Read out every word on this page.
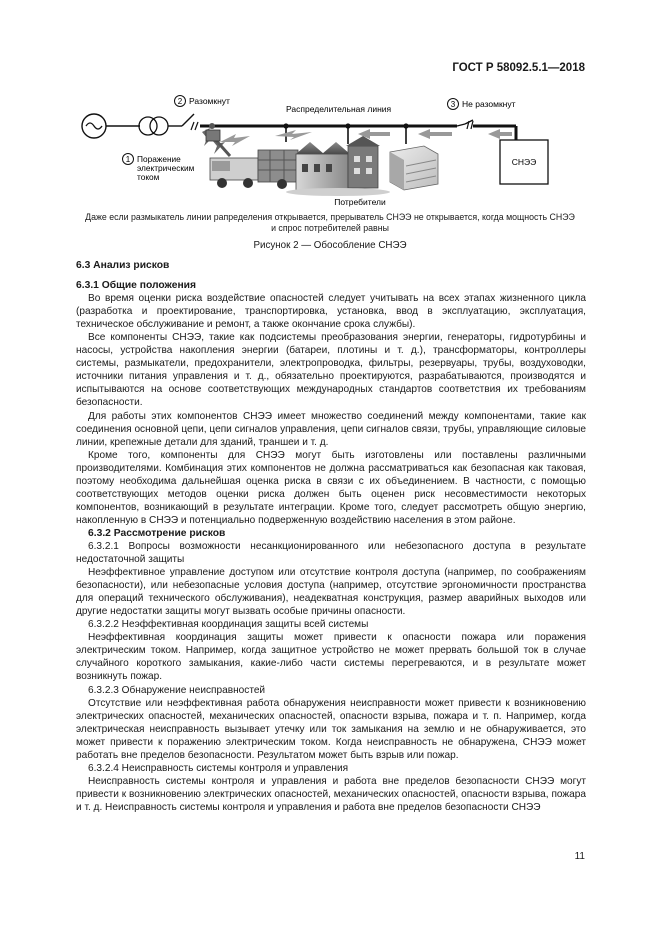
ГОСТ Р 58092.5.1—2018
СНЭЭ
2 Разомкнут
Распределительная линия	3 Не разомкнут
1 Поражение
электрическим
током
Потребители
Даже если размыкатель линии рапределения открывается, прерыватель СНЭЭ не открывается, когда мощность СНЭЭ
и спрос потребителей равны
Рисунок 2 — Обособление СНЭЭ
6.3 Анализ рисков
6.3.1 Общие положения

Во время оценки риска воздействие опасностей следует учитывать на всех этапах жизненного цикла (разработка и проектирование, транспортировка, установка, ввод в эксплуатацию, эксплуатация, техническое обслуживание и ремонт, а также окончание срока службы).

Все компоненты СНЭЭ, такие как подсистемы преобразования энергии, генераторы, гидротурбины и насосы, устройства накопления энергии (батареи, плотины и т. д.), трансформаторы, контроллеры системы, размыкатели, предохранители, электропроводка, фильтры, резервуары, трубы, воздуховодки, источники питания управления и т. д., обязательно проектируются, разрабатываются, производятся и испытываются на основе соответствующих международных стандартов соответствия их требованиям безопасности.

Для работы этих компонентов СНЭЭ имеет множество соединений между компонентами, такие как соединения основной цепи, цепи сигналов управления, цепи сигналов связи, трубы, управляющие силовые линии, крепежные детали для зданий, траншеи и т. д.

Кроме того, компоненты для СНЭЭ могут быть изготовлены или поставлены различными производителями. Комбинация этих компонентов не должна рассматриваться как безопасная как таковая, поэтому необходима дальнейшая оценка риска в связи с их объединением. В частности, с помощью соответствующих методов оценки риска должен быть оценен риск несовместимости некоторых компонентов, возникающий в результате интеграции. Кроме того, следует рассмотреть общую энергию, накопленную в СНЭЭ и потенциально подверженную воздействию населения в этом районе.

6.3.2 Рассмотрение рисков

6.3.2.1 Вопросы возможности несанкционированного или небезопасного доступа в результате недостаточной защиты

Неэффективное управление доступом или отсутствие контроля доступа (например, по соображениям безопасности), или небезопасные условия доступа (например, отсутствие эргономичности пространства для операций технического обслуживания), неадекватная конструкция, размер аварийных выходов или другие недостатки защиты могут вызвать особые причины опасности.

6.3.2.2 Неэффективная координация защиты всей системы

Неэффективная координация защиты может привести к опасности пожара или поражения электрическим током. Например, когда защитное устройство не может прервать большой ток в случае случайного короткого замыкания, какие-либо части системы перегреваются, и в результате может возникнуть пожар.

6.3.2.3 Обнаружение неисправностей

Отсутствие или неэффективная работа обнаружения неисправности может привести к возникновению электрических опасностей, механических опасностей, опасности взрыва, пожара и т. п. Например, когда электрическая неисправность вызывает утечку или ток замыкания на землю и не обнаруживается, это может привести к поражению электрическим током. Когда неисправность не обнаружена, СНЭЭ может работать вне пределов безопасности. Результатом может быть взрыв или пожар.

6.3.2.4 Неисправность системы контроля и управления

Неисправность системы контроля и управления и работа вне пределов безопасности СНЭЭ могут привести к возникновению электрических опасностей, механических опасностей, опасности взрыва, пожара и т. д. Неисправность системы контроля и управления и работа вне пределов безопасности СНЭЭ

11
